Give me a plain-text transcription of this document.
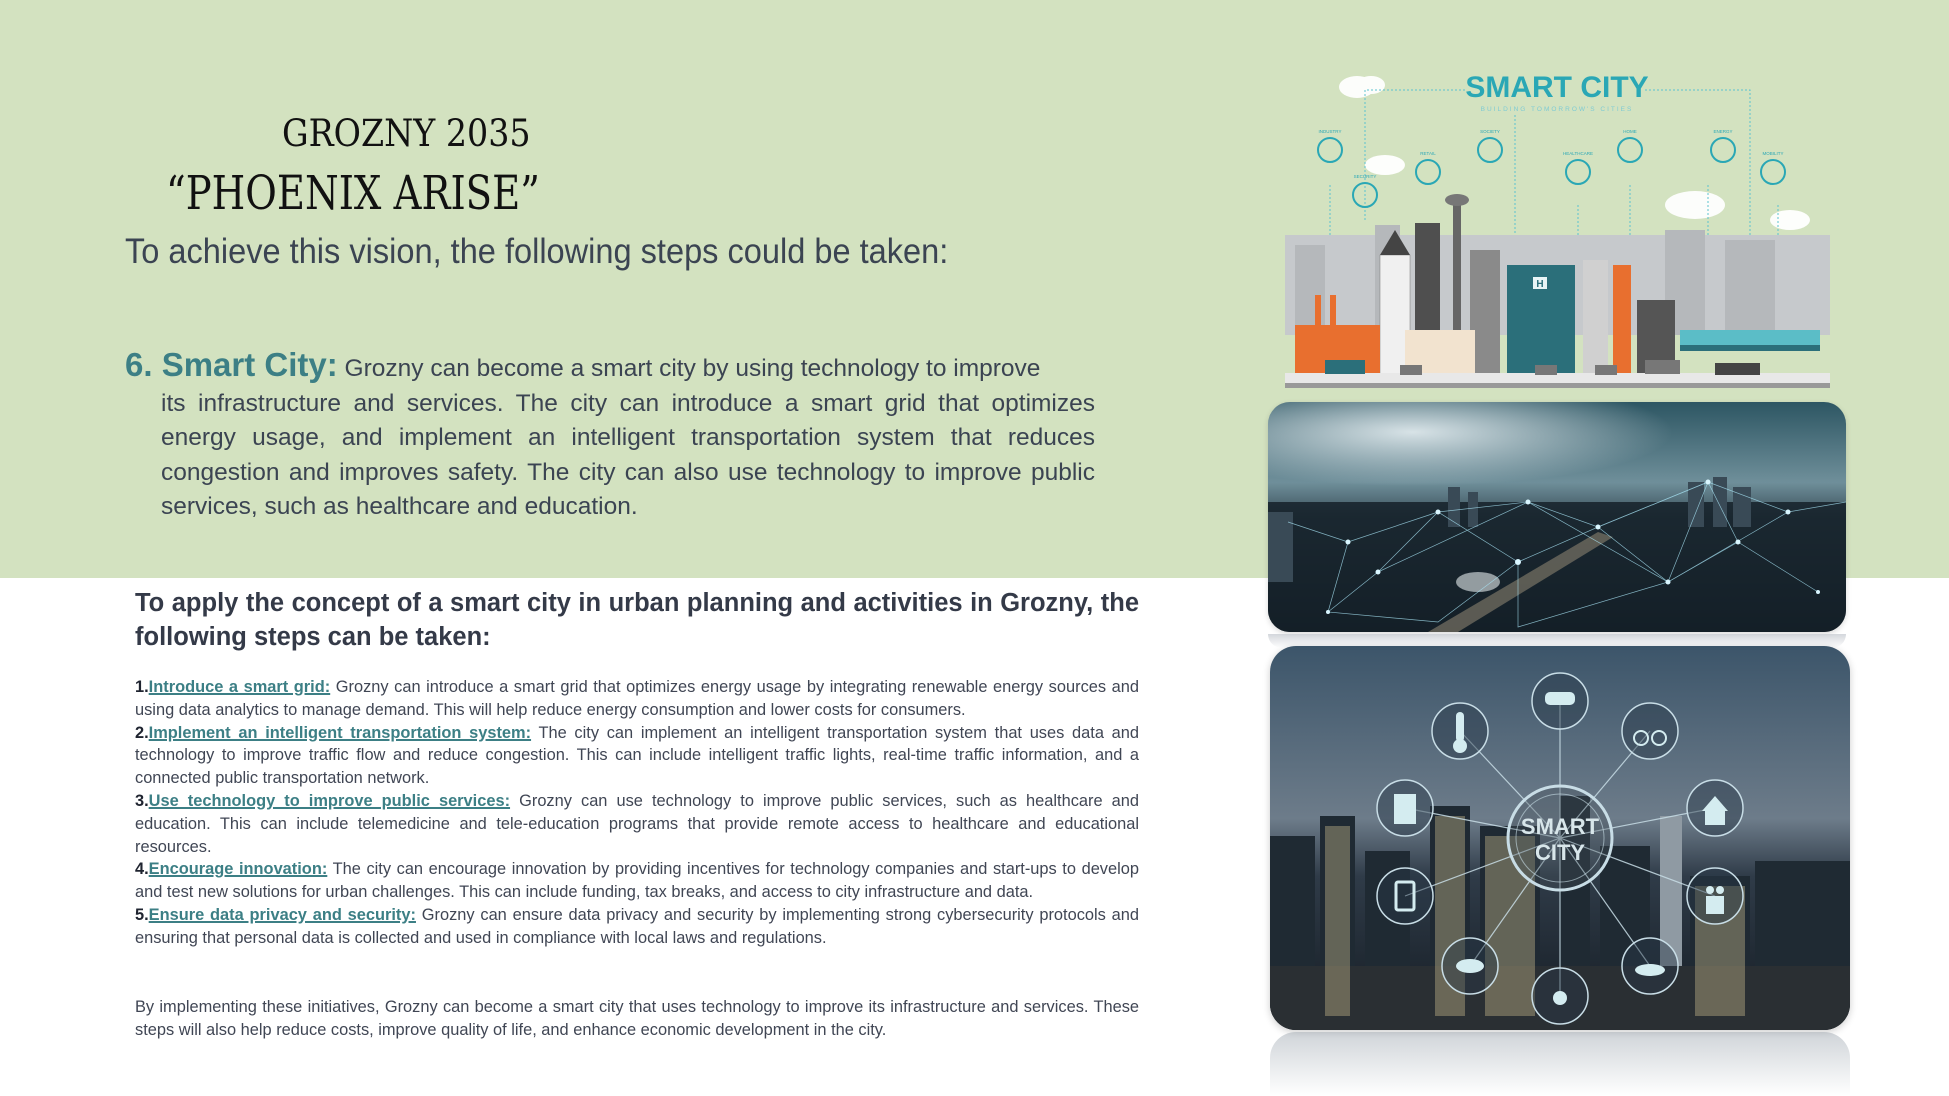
GROZNY 2035
“PHOENIX ARISE”
To achieve this vision, the following steps could be taken:
6. Smart City: Grozny can become a smart city by using technology to improve
its infrastructure and services. The city can introduce a smart grid that optimizes energy usage, and implement an intelligent transportation system that reduces congestion and improves safety. The city can also use technology to improve public services, such as healthcare and education.
To apply the concept of a smart city in urban planning and activities in Grozny, the following steps can be taken:
1.Introduce a smart grid: Grozny can introduce a smart grid that optimizes energy usage by integrating renewable energy sources and using data analytics to manage demand. This will help reduce energy consumption and lower costs for consumers.
2.Implement an intelligent transportation system: The city can implement an intelligent transportation system that uses data and technology to improve traffic flow and reduce congestion. This can include intelligent traffic lights, real-time traffic information, and a connected public transportation network.
3.Use technology to improve public services: Grozny can use technology to improve public services, such as healthcare and education. This can include telemedicine and tele-education programs that provide remote access to healthcare and educational resources.
4.Encourage innovation: The city can encourage innovation by providing incentives for technology companies and start-ups to develop and test new solutions for urban challenges. This can include funding, tax breaks, and access to city infrastructure and data.
5.Ensure data privacy and security: Grozny can ensure data privacy and security by implementing strong cybersecurity protocols and ensuring that personal data is collected and used in compliance with local laws and regulations.
By implementing these initiatives, Grozny can become a smart city that uses technology to improve its infrastructure and services. These steps will also help reduce costs, improve quality of life, and enhance economic development in the city.
SMART CITY
BUILDING TOMORROW'S CITIES
INDUSTRY
SECURITY
RETAIL
SOCIETY
HEALTHCARE
HOME	ENERGY
MOBILITY
H
SMART
CITY
